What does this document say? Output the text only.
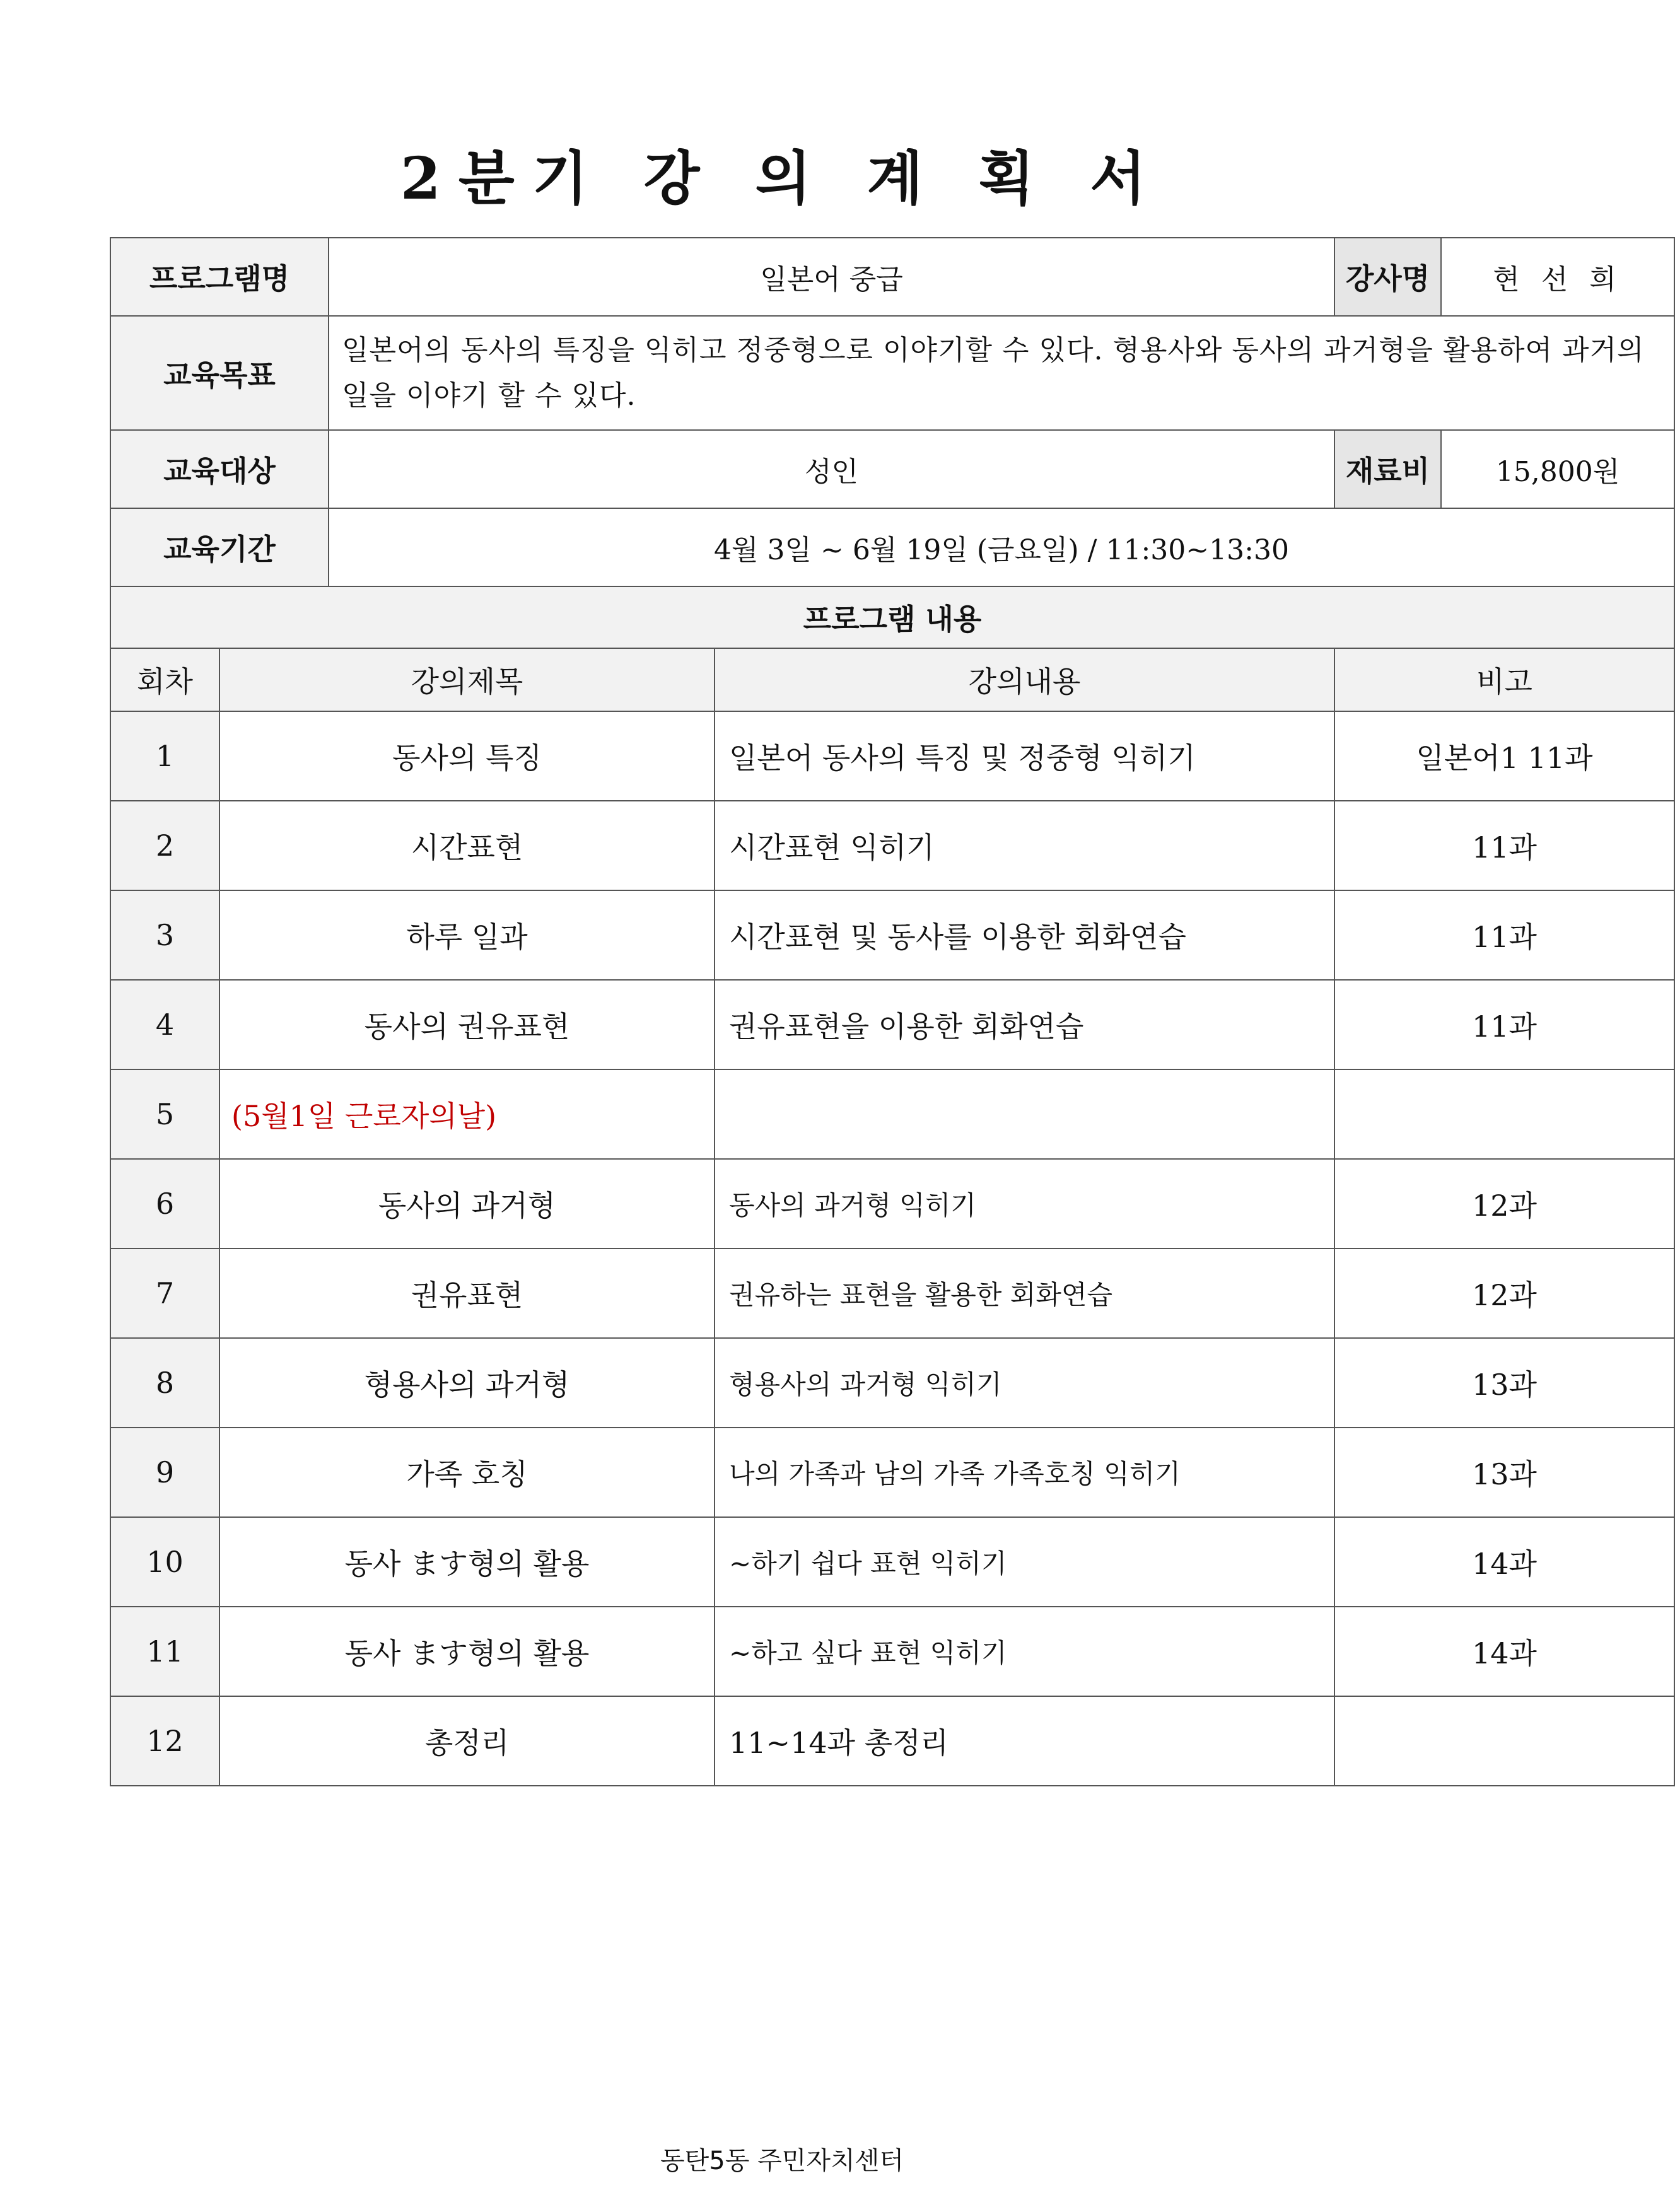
2분기 강 의 계 획 서
프로그램명		일본어 중급		강사명	현 선 희
교육목표		일본어의 동사의 특징을 익히고 정중형으로 이야기할 수 있다. 형용사와 동사의 과거형을 활용하여 과거의 일을 이야기 할 수 있다.			
교육대상		성인		재료비	15,800원
교육기간		4월 3일 ~ 6월 19일 (금요일) / 11:30~13:30			
프로그램 내용					
회차	강의제목		강의내용	비고	
1	동사의 특징		일본어 동사의 특징 및 정중형 익히기	일본어1 11과	
2	시간표현		시간표현 익히기	11과	
3	하루 일과		시간표현 및 동사를 이용한 회화연습	11과	
4	동사의 권유표현		권유표현을 이용한 회화연습	11과	
5	(5월1일 근로자의날)				
6	동사의 과거형		동사의 과거형 익히기	12과	
7	권유표현		권유하는 표현을 활용한 회화연습	12과	
8	형용사의 과거형		형용사의 과거형 익히기	13과	
9	가족 호칭		나의 가족과 남의 가족 가족호칭 익히기	13과	
10	동사 ます형의 활용		~하기 쉽다 표현 익히기	14과	
11	동사 ます형의 활용		~하고 싶다 표현 익히기	14과	
12	총정리		11~14과 총정리		
동탄5동 주민자치센터
